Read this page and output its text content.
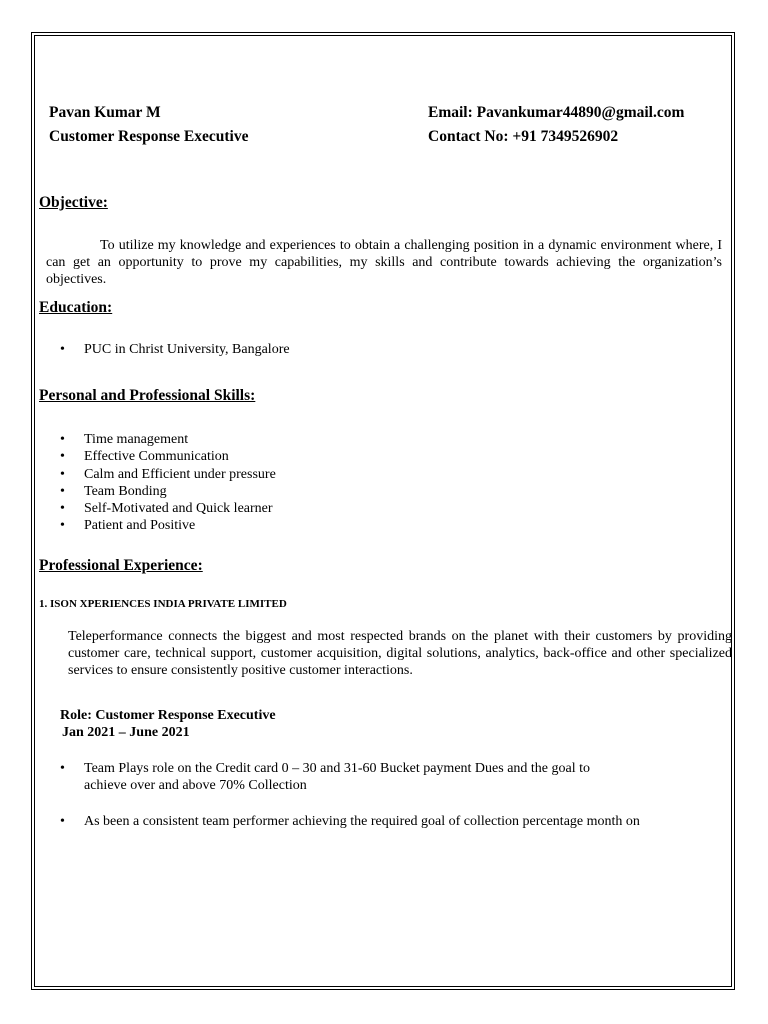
Pavan Kumar M
Customer Response Executive
Email: Pavankumar44890@gmail.com
Contact No: +91 7349526902
Objective:
To utilize my knowledge and experiences to obtain a challenging position in a dynamic environment where, I can get an opportunity to prove my capabilities, my skills and contribute towards achieving the organization’s objectives.
Education:
• PUC in Christ University, Bangalore
Personal and Professional Skills:
• Time management
• Effective Communication
• Calm and Efficient under pressure
• Team Bonding
• Self-Motivated and Quick learner
• Patient and Positive
Professional Experience:
1. ISON XPERIENCES INDIA PRIVATE LIMITED
Teleperformance connects the biggest and most respected brands on the planet with their customers by providing customer care, technical support, customer acquisition, digital solutions, analytics, back-office and other specialized services to ensure consistently positive customer interactions.
Role: Customer Response Executive
Jan 2021 – June 2021
• Team Plays role on the Credit card 0 – 30 and 31-60 Bucket payment Dues and the goal to
achieve over and above 70% Collection
• As been a consistent team performer achieving the required goal of collection percentage month on
